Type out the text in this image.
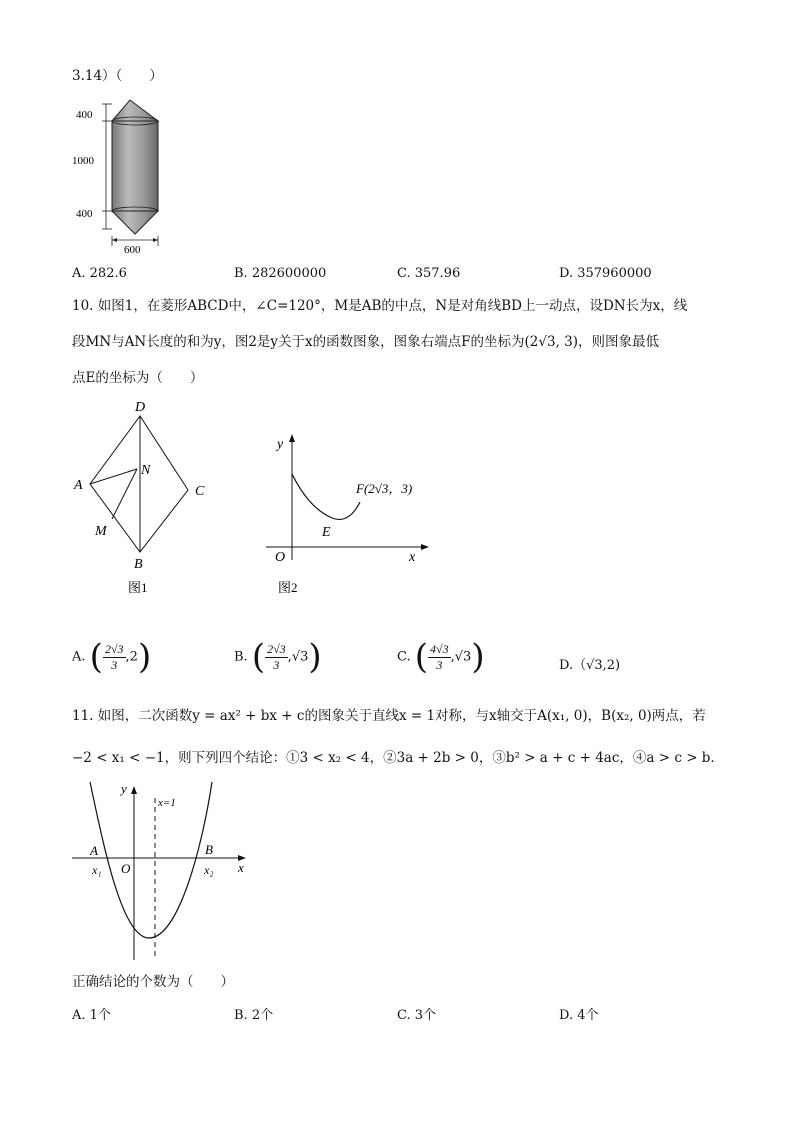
3.14）（　　）
400
1000
400
600
A. 282.6	B. 282600000	C. 357.96	D. 357960000
10. 如图1，在菱形ABCD中，∠C=120°，M是AB的中点，N是对角线BD上一动点，设DN长为x，线
段MN与AN长度的和为y，图2是y关于x的函数图象，图象右端点F的坐标为(2√3, 3)，则图象最低
点E的坐标为（　　）
D
A
N
C
M
B
图1
y
x
O
E
F(2√3，3)
图2
A. ( $\frac{2√3}{3} ,2$)	B. ( $\frac{2√3}{3} ,√3$)	C. ( $\frac{4√3}{3} ,√3$)	D.（√3,2)
11. 如图，二次函数y = ax² + bx + c的图象关于直线x = 1对称，与x轴交于A(x₁, 0)，B(x₂, 0)两点，若
−2 < x₁ < −1，则下列四个结论：①3 < x₂ < 4，②3a + 2b > 0，③b² > a + c + 4ac，④a > c > b．
y
x=1
A	B
x₁ O	x₂ x
正确结论的个数为（　　）
A. 1个	B. 2个	C. 3个	D. 4个
